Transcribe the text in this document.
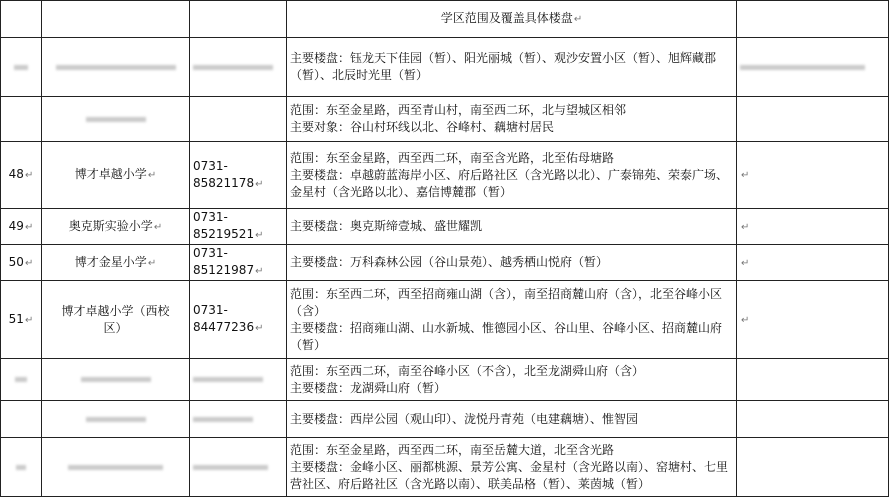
			学区范围及覆盖具体楼盘↵	

			主要楼盘：钰龙天下佳园（暂）、阳光丽城（暂）、观沙安置小区（暂）、旭辉藏郡（暂）、北辰时光里（暂）	

			范围：东至金星路，西至青山村，南至西二环，北与望城区相邻
主要对象：谷山村环线以北、谷峰村、藕塘村居民	

48↵	博才卓越小学↵	0731-85821178↵	范围：东至金星路，西至西二环，南至含光路，北至佑母塘路
主要楼盘：卓越蔚蓝海岸小区、府后路社区（含光路以北）、广泰锦苑、荣泰广场、金星村（含光路以北）、嘉信博麓郡（暂）	↵
49↵	奥克斯实验小学↵	0731-85219521↵	主要楼盘：奥克斯缔壹城、盛世耀凯	↵
50↵	博才金星小学↵	0731-85121987↵	主要楼盘：万科森林公园（谷山景苑）、越秀栖山悦府（暂）	↵
51↵	博才卓越小学（西校区）	0731-84477236↵	范围：东至西二环，西至招商雍山湖（含），南至招商麓山府（含），北至谷峰小区（含）
主要楼盘：招商雍山湖、山水新城、惟德园小区、谷山里、谷峰小区、招商麓山府（暂）	↵

			范围：东至西二环，南至谷峰小区（不含），北至龙湖舜山府（含）
主要楼盘：龙湖舜山府（暂）	

			主要楼盘：西岸公园（观山印）、泷悦丹青苑（电建藕塘）、惟智园	

			范围：东至金星路，西至西二环，南至岳麓大道，北至含光路
主要楼盘：金峰小区、丽都桃源、景芳公寓、金星村（含光路以南）、窑塘村、七里营社区、府后路社区（含光路以南）、联美品格（暂）、莱茵城（暂）	
